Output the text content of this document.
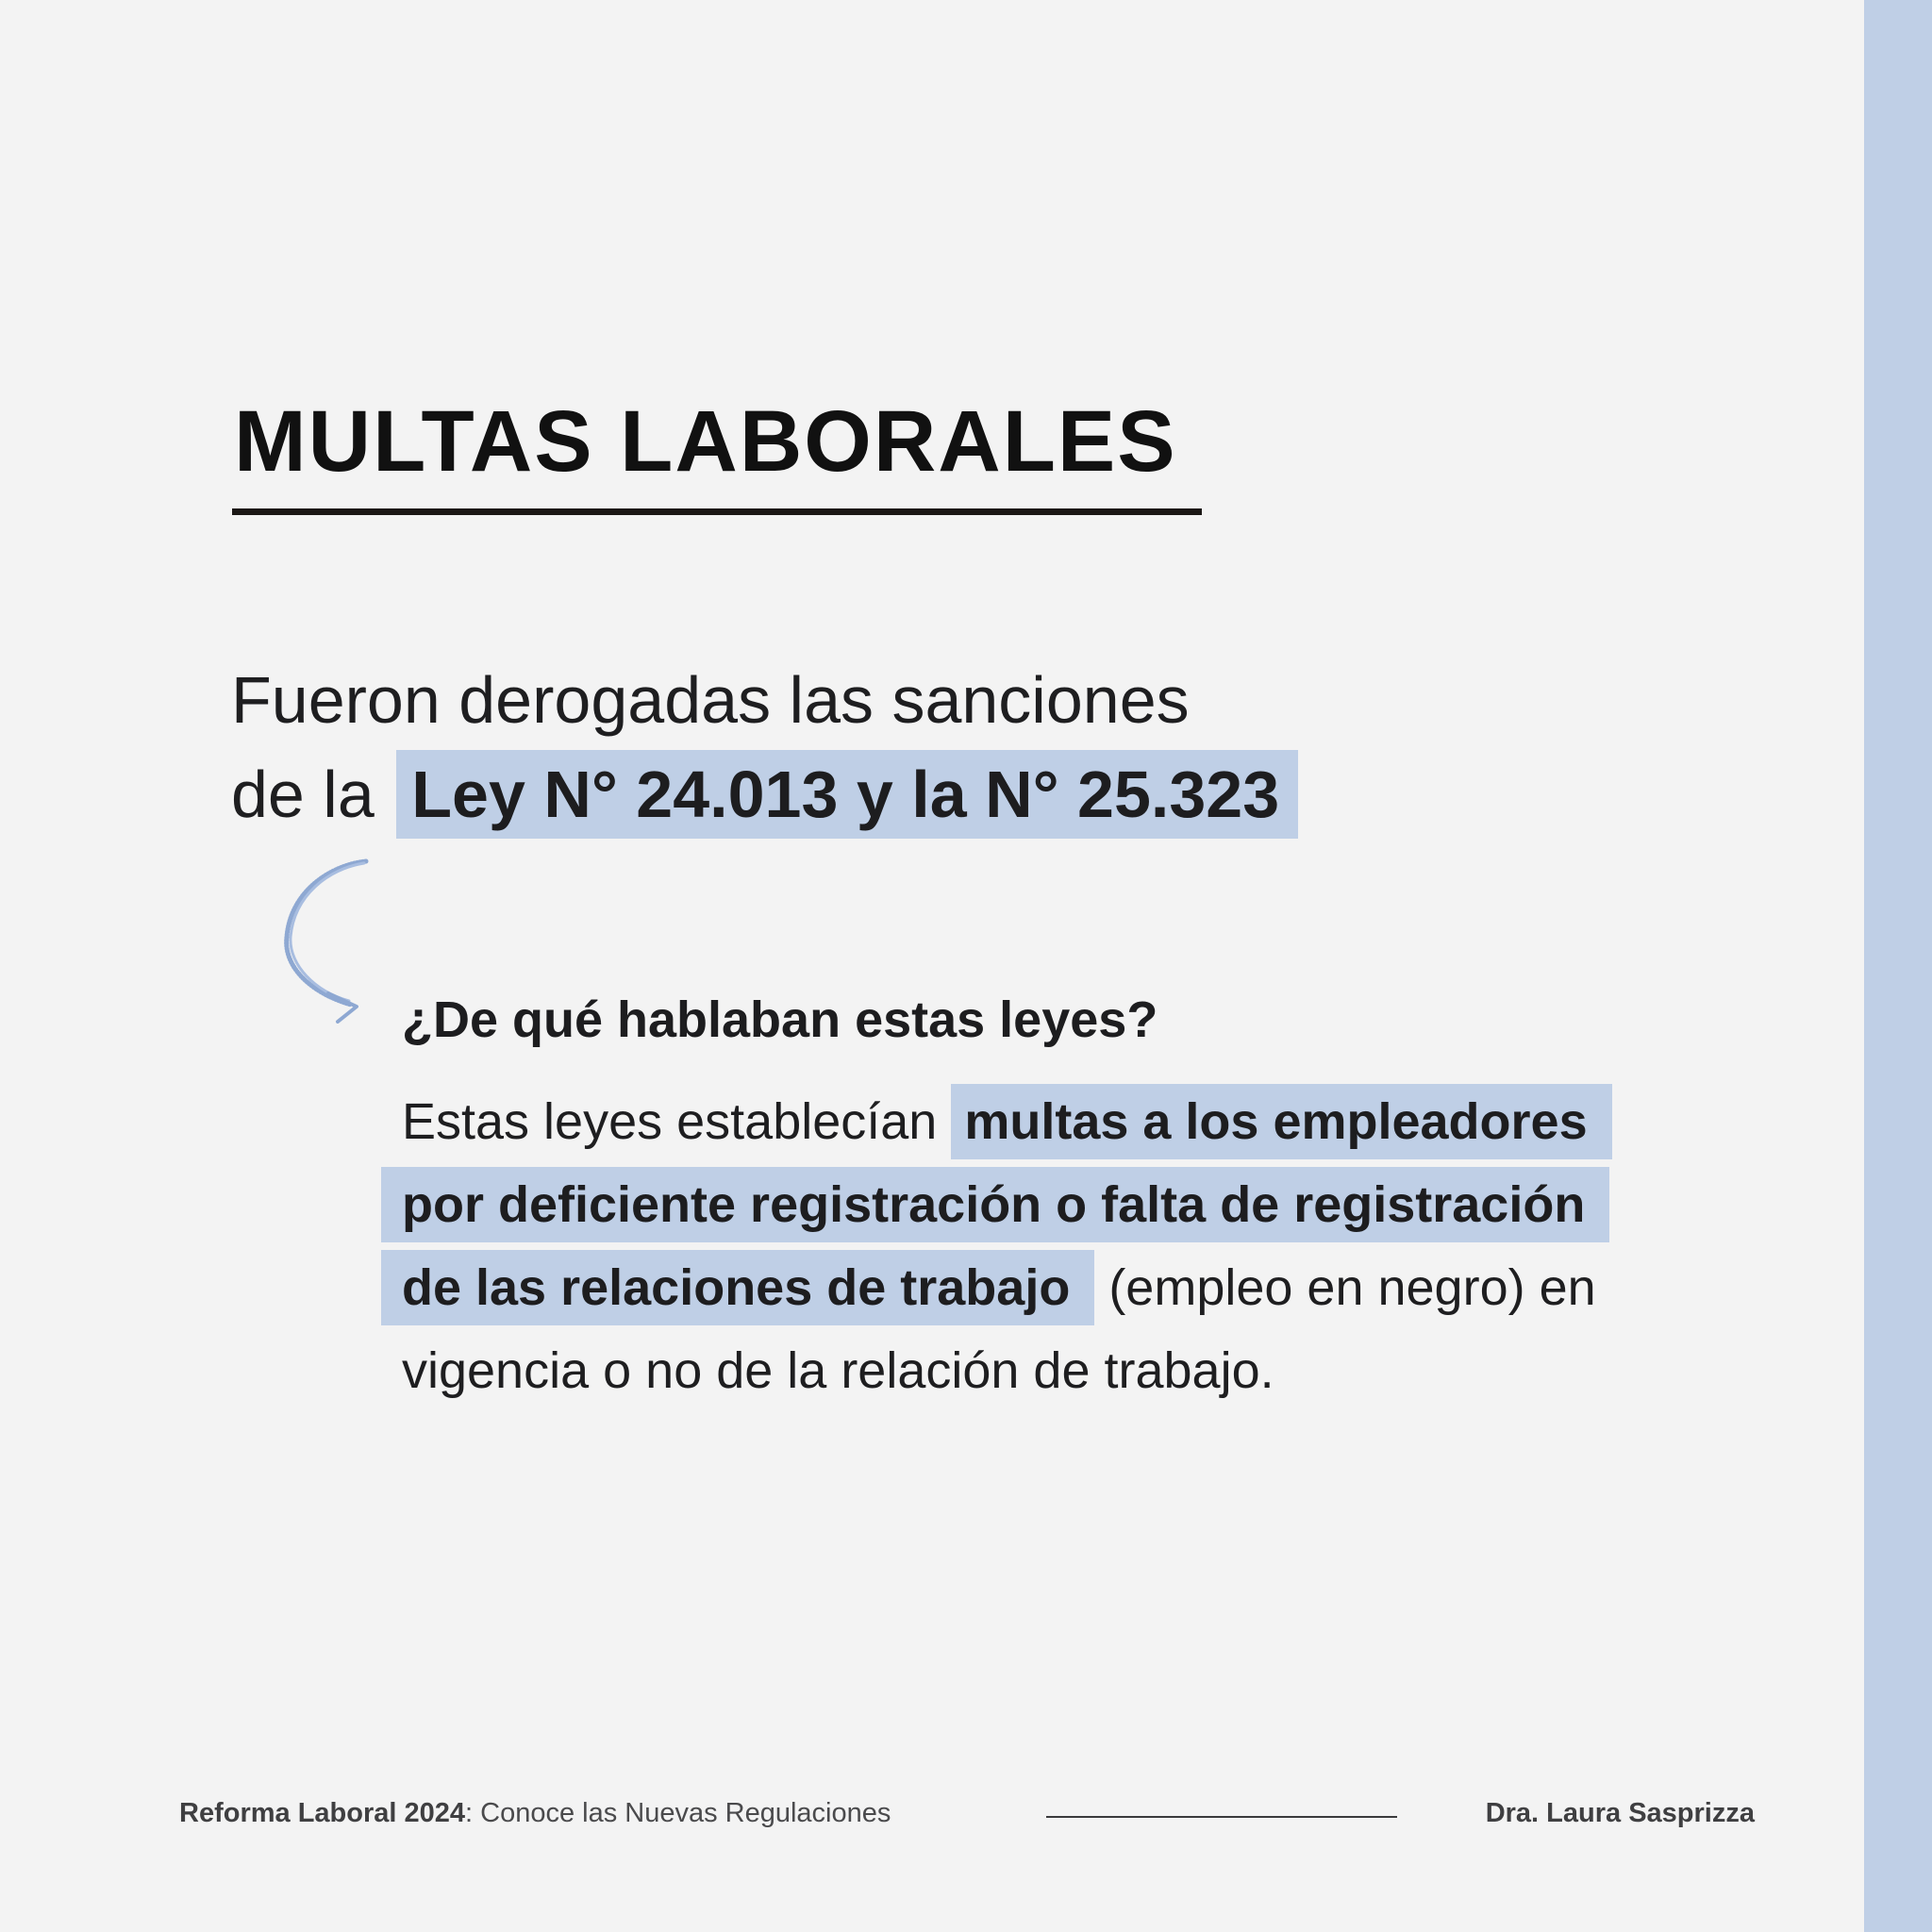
MULTAS LABORALES
Fueron derogadas las sanciones
de la Ley N° 24.013 y la N° 25.323
¿De qué hablaban estas leyes?
Estas leyes establecían multas a los empleadores
por deficiente registración o falta de registración
de las relaciones de trabajo (empleo en negro) en
vigencia o no de la relación de trabajo.
Reforma Laboral 2024: Conoce las Nuevas Regulaciones	Dra. Laura Sasprizza
